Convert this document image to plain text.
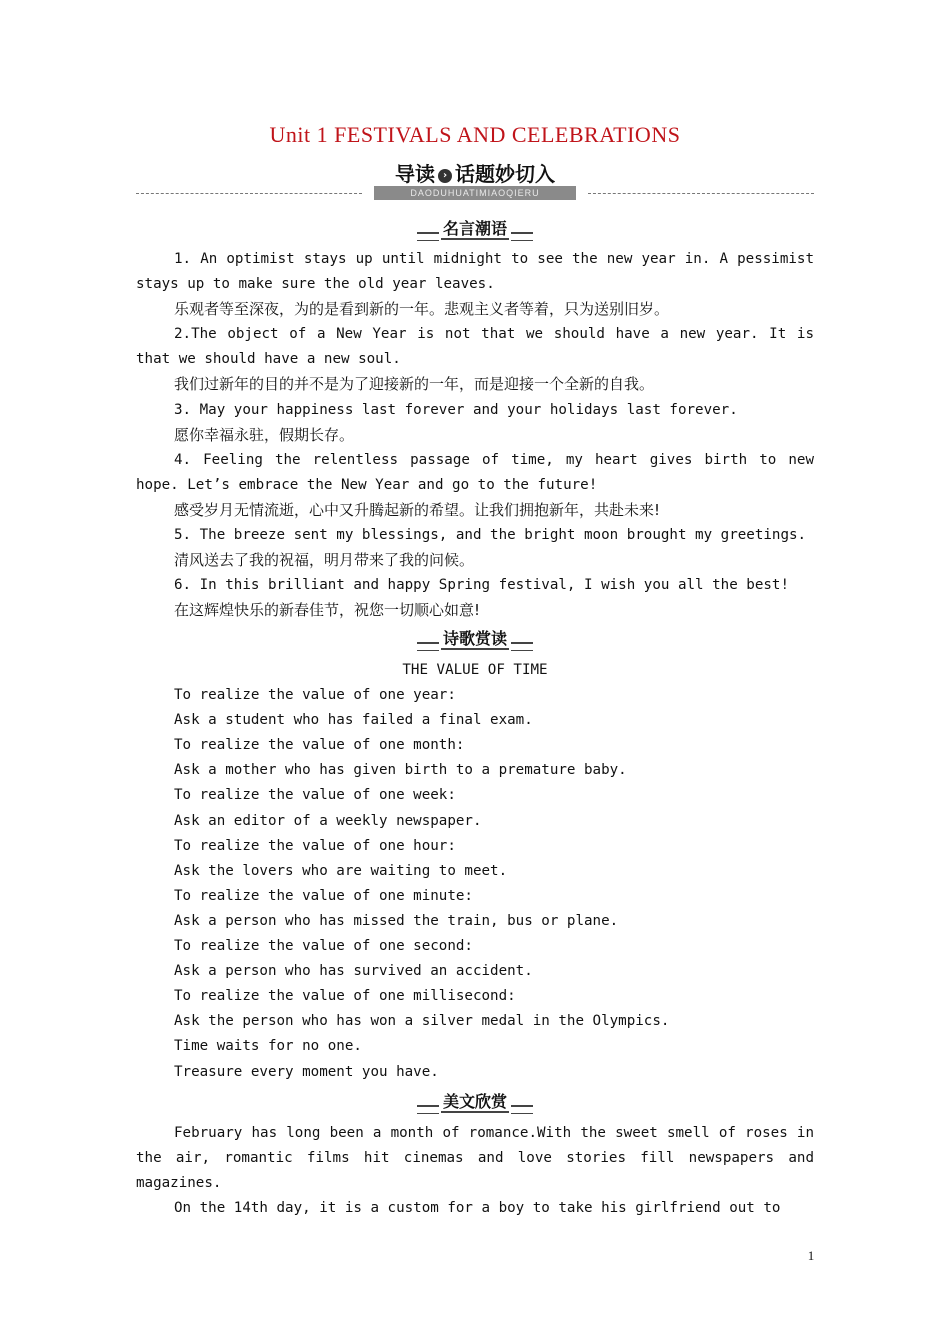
Unit 1 FESTIVALS AND CELEBRATIONS
导读 › 话题妙切入
DAODUHUATIMIAOQIERU
名言潮语

1. An optimist stays up until midnight to see the new year in. A pessimist stays up to make sure the old year leaves.

乐观者等至深夜，为的是看到新的一年。悲观主义者等着，只为送别旧岁。

2.The object of a New Year is not that we should have a new year. It is that we should have a new soul.

我们过新年的目的并不是为了迎接新的一年，而是迎接一个全新的自我。

3. May your happiness last forever and your holidays last forever.

愿你幸福永驻，假期长存。

4. Feeling the relentless passage of time, my heart gives birth to new hope. Let’s embrace the New Year and go to the future!

感受岁月无情流逝，心中又升腾起新的希望。让我们拥抱新年，共赴未来!

5. The breeze sent my blessings, and the bright moon brought my greetings.

清风送去了我的祝福，明月带来了我的问候。

6. In this brilliant and happy Spring festival, I wish you all the best!

在这辉煌快乐的新春佳节，祝您一切顺心如意!

诗歌赏读

THE VALUE OF TIME

To realize the value of one year:

Ask a student who has failed a final exam.

To realize the value of one month:

Ask a mother who has given birth to a premature baby.

To realize the value of one week:

Ask an editor of a weekly newspaper.

To realize the value of one hour:

Ask the lovers who are waiting to meet.

To realize the value of one minute:

Ask a person who has missed the train, bus or plane.

To realize the value of one second:

Ask a person who has survived an accident.

To realize the value of one millisecond:

Ask the person who has won a silver medal in the Olympics.

Time waits for no one.

Treasure every moment you have.

美文欣赏

February has long been a month of romance.With the sweet smell of roses in the air, romantic films hit cinemas and love stories fill newspapers and magazines.

On the 14th day, it is a custom for a boy to take his girlfriend out to

1
